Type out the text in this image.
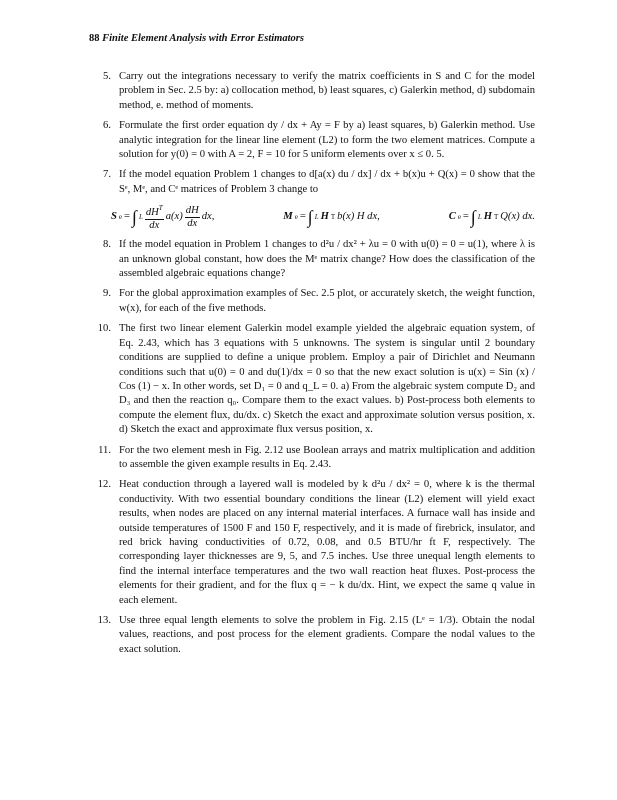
88 Finite Element Analysis with Error Estimators
5. Carry out the integrations necessary to verify the matrix coefficients in S and C for the model problem in Sec. 2.5 by: a) collocation method, b) least squares, c) Galerkin method, d) subdomain method, e. method of moments.
6. Formulate the first order equation dy / dx + Ay = F by a) least squares, b) Galerkin method. Use analytic integration for the linear line element (L2) to form the two element matrices. Compute a solution for y(0) = 0 with A = 2, F = 10 for 5 uniform elements over x ≤ 0. 5.
7. If the model equation Problem 1 changes to d[a(x) du / dx] / dx + b(x)u + Q(x) = 0 show that the Sᵉ, Mᵉ, and Cᵉ matrices of Problem 3 change to
S e = ∫ L $\frac{dH^T}{dx} a(x) \frac{dH}{dx}$ dx,	M e = ∫ L H T b(x) H dx,	C e = ∫ L H T Q(x) dx.
8. If the model equation in Problem 1 changes to d²u / dx² + λu = 0 with u(0) = 0 = u(1), where λ is an unknown global constant, how does the Mᵉ matrix change? How does the classification of the assembled algebraic equations change?
9. For the global approximation examples of Sec. 2.5 plot, or accurately sketch, the weight function, w(x), for each of the five methods.
10. The first two linear element Galerkin model example yielded the algebraic equation system, of Eq. 2.43, which has 3 equations with 5 unknowns. The system is singular until 2 boundary conditions are supplied to define a unique problem. Employ a pair of Dirichlet and Neumann conditions such that u(0) = 0 and du(1)/dx = 0 so that the new exact solution is u(x) = Sin (x) / Cos (1) − x. In other words, set D₁ = 0 and q_L = 0. a) From the algebraic system compute D₂ and D₃ and then the reaction q₀. Compare them to the exact values. b) Post-process both elements to compute the element flux, du/dx. c) Sketch the exact and approximate solution versus position, x. d) Sketch the exact and approximate flux versus position, x.
11. For the two element mesh in Fig. 2.12 use Boolean arrays and matrix multiplication and addition to assemble the given example results in Eq. 2.43.
12. Heat conduction through a layered wall is modeled by k d²u / dx² = 0, where k is the thermal conductivity. With two essential boundary conditions the linear (L2) element will yield exact results, when nodes are placed on any internal material interfaces. A furnace wall has inside and outside temperatures of 1500 F and 150 F, respectively, and it is made of firebrick, insulator, and red brick having conductivities of 0.72, 0.08, and 0.5 BTU/hr ft F, respectively. The corresponding layer thicknesses are 9, 5, and 7.5 inches. Use three unequal length elements to find the internal interface temperatures and the two wall reaction heat fluxes. Post-process the elements for their gradient, and for the flux q = − k du/dx. Hint, we expect the same q value in each element.
13. Use three equal length elements to solve the problem in Fig. 2.15 (Lᵉ = 1/3). Obtain the nodal values, reactions, and post process for the element gradients. Compare the nodal values to the exact solution.
